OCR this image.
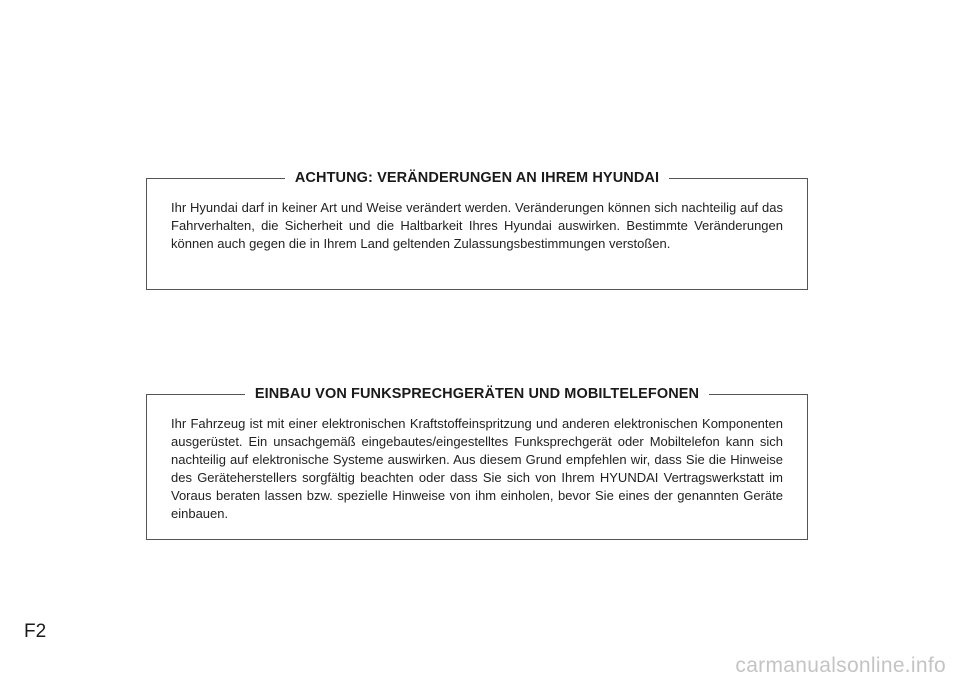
ACHTUNG: VERÄNDERUNGEN AN IHREM HYUNDAI

Ihr Hyundai darf in keiner Art und Weise verändert werden. Veränderungen können sich nachteilig auf das Fahrverhalten, die Sicherheit und die Haltbarkeit Ihres Hyundai auswirken. Bestimmte Veränderungen können auch gegen die in Ihrem Land geltenden Zulassungsbestimmungen verstoßen.

EINBAU VON FUNKSPRECHGERÄTEN UND MOBILTELEFONEN

Ihr Fahrzeug ist mit einer elektronischen Kraftstoffeinspritzung und anderen elektronischen Komponenten ausgerüstet. Ein unsachgemäß eingebautes/eingestelltes Funksprechgerät oder Mobiltelefon kann sich nachteilig auf elektronische Systeme auswirken. Aus diesem Grund empfehlen wir, dass Sie die Hinweise des Geräteherstellers sorgfältig beachten oder dass Sie sich von Ihrem HYUNDAI Vertragswerkstatt im Voraus beraten lassen bzw. spezielle Hinweise von ihm einholen, bevor Sie eines der genannten Geräte einbauen.

F2
carmanualsonline.info
